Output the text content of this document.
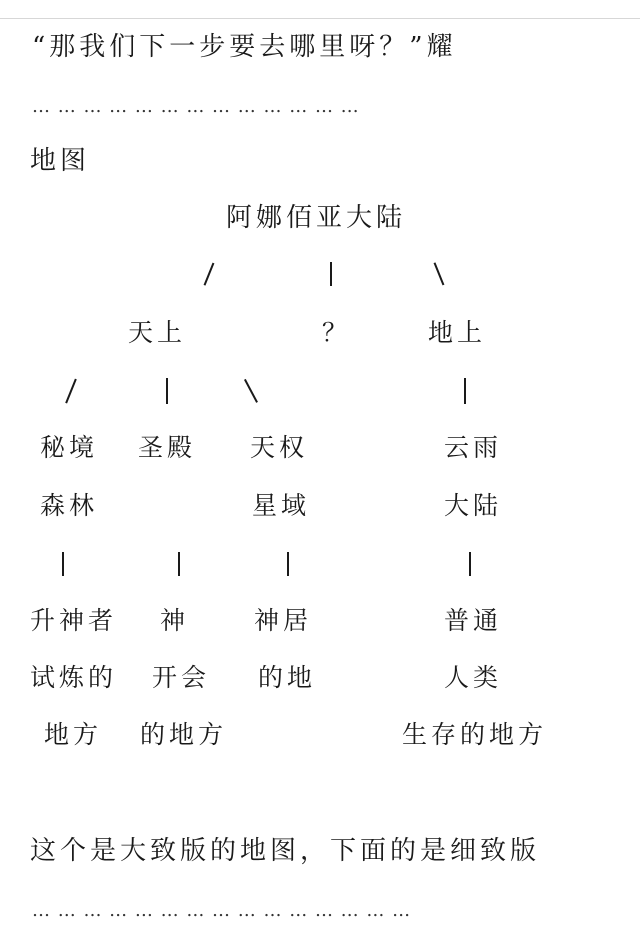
“那我们下一步要去哪里呀？”耀
… … … … … … … … … … … … …
地图
阿娜佰亚大陆
天上	？	地上
秘境
森林
圣殿 天权
星域
云雨
大陆
升神者
试炼的
地方
神
开会
的地方
神居
的地
普通
人类
生存的地方
这个是大致版的地图，下面的是细致版
… … … … … … … … … … … … … … …
